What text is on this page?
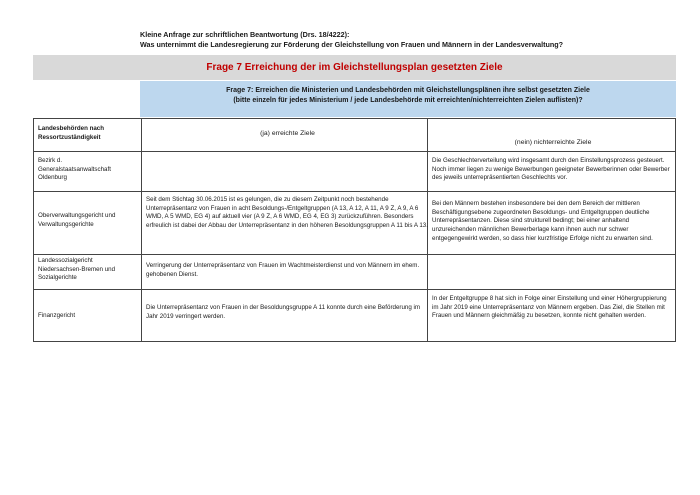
Kleine Anfrage zur schriftlichen Beantwortung (Drs. 18/4222):
Was unternimmt die Landesregierung zur Förderung der Gleichstellung von Frauen und Männern in der Landesverwaltung?
Frage 7 Erreichung der im Gleichstellungsplan gesetzten Ziele
Frage 7: Erreichen die Ministerien und Landesbehörden mit Gleichstellungsplänen ihre selbst gesetzten Ziele
(bitte einzeln für jedes Ministerium / jede Landesbehörde mit erreichten/nichterreichten Zielen auflisten)?
Landesbehörden nach Ressortzuständigkeit
(ja) erreichte Ziele
(nein) nichterreichte Ziele
Bezirk d. Generalstaatsanwaltschaft Oldenburg
Die Geschlechterverteilung wird insgesamt durch den Einstellungsprozess gesteuert. Noch immer liegen zu wenige Bewerbungen geeigneter Bewerberinnen oder Bewerber des jeweils unterrepräsentierten Geschlechts vor.
Oberverwaltungsgericht und Verwaltungsgerichte
Seit dem Stichtag 30.06.2015 ist es gelungen, die zu diesem Zeitpunkt noch bestehende Unterrepräsentanz von Frauen in acht Besoldungs-/Entgeltgruppen (A 13, A 12, A 11, A 9 Z, A 9, A 6 WMD, A 5 WMD, EG 4) auf aktuell vier (A 9 Z, A 6 WMD, EG 4, EG 3) zurückzuführen. Besonders erfreulich ist dabei der Abbau der Unterrepräsentanz in den höheren Besoldungsgruppen A 11 bis A 13.
Bei den Männern bestehen insbesondere bei den dem Bereich der mittleren Beschäftigungsebene zugeordneten Besoldungs- und Entgeltgruppen deutliche Unterrepräsentanzen. Diese sind strukturell bedingt; bei einer anhaltend unzureichenden männlichen Bewerberlage kann ihnen auch nur schwer entgegengewirkt werden, so dass hier kurzfristige Erfolge nicht zu erwarten sind.
Landessozialgericht Niedersachsen-Bremen und Sozialgerichte
Verringerung der Unterrepräsentanz von Frauen im Wachtmeisterdienst und von Männern im ehem. gehobenen Dienst.
Finanzgericht
Die Unterrepräsentanz von Frauen in der Besoldungsgruppe A 11 konnte durch eine Beförderung im Jahr 2019 verringert werden.
In der Entgeltgruppe 8 hat sich in Folge einer Einstellung und einer Höhergruppierung im Jahr 2019 eine Unterrepräsentanz von Männern ergeben. Das Ziel, die Stellen mit Frauen und Männern gleichmäßig zu besetzen, konnte nicht gehalten werden.
